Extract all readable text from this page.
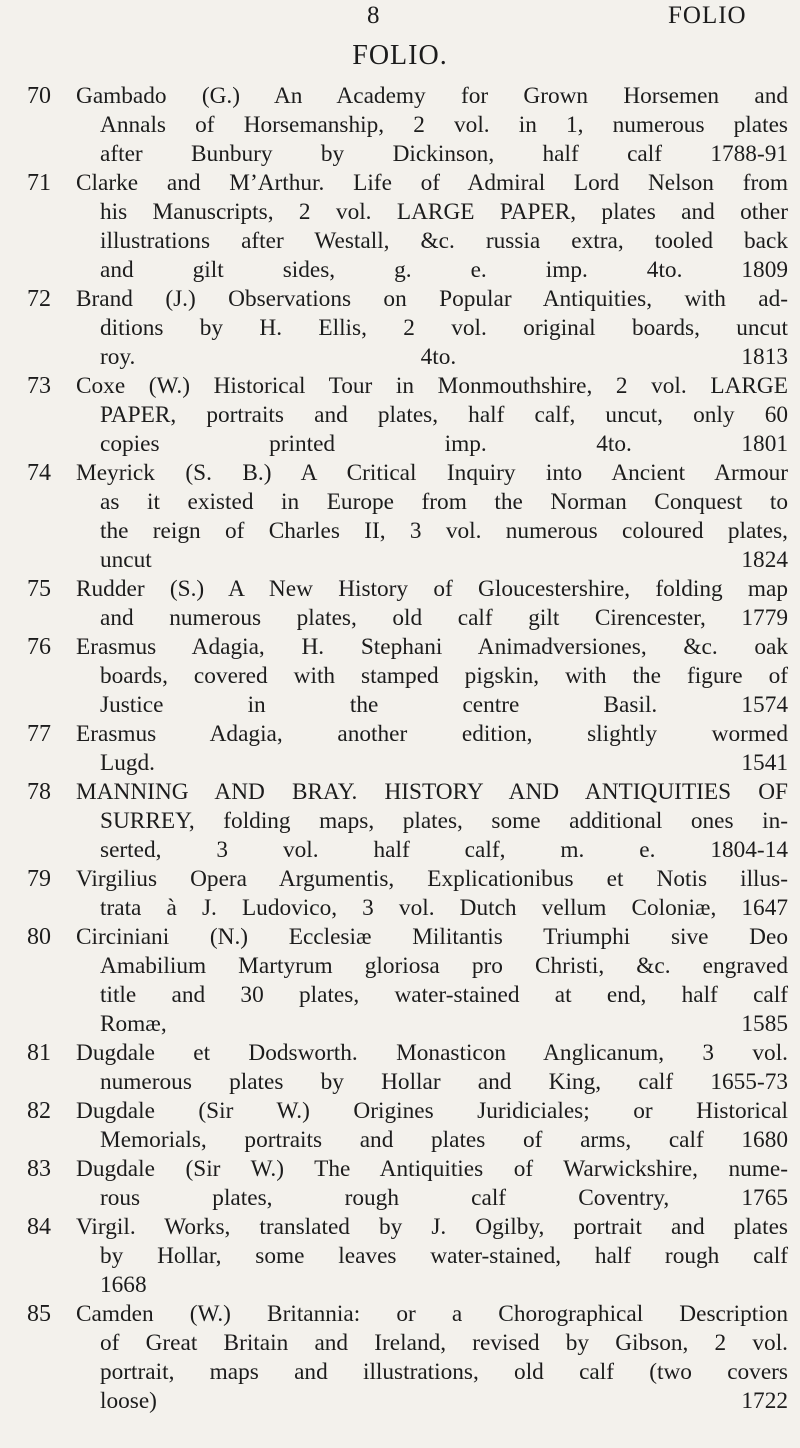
8	FOLIO
FOLIO.
70 Gambado (G.) An Academy for Grown Horsemen and
Annals of Horsemanship, 2 vol. in 1, numerous plates
after Bunbury by Dickinson, half calf 1788-91
71 Clarke and M’Arthur. Life of Admiral Lord Nelson from
his Manuscripts, 2 vol. LARGE PAPER, plates and other
illustrations after Westall, &c. russia extra, tooled back
and gilt sides, g. e. imp. 4to. 1809
72 Brand (J.) Observations on Popular Antiquities, with ad-
ditions by H. Ellis, 2 vol. original boards, uncut
roy. 4to. 1813
73 Coxe (W.) Historical Tour in Monmouthshire, 2 vol. LARGE
PAPER, portraits and plates, half calf, uncut, only 60
copies printed imp. 4to. 1801
74 Meyrick (S. B.) A Critical Inquiry into Ancient Armour
as it existed in Europe from the Norman Conquest to
the reign of Charles II, 3 vol. numerous coloured plates,
uncut 1824
75 Rudder (S.) A New History of Gloucestershire, folding map
and numerous plates, old calf gilt Cirencester, 1779
76 Erasmus Adagia, H. Stephani Animadversiones, &c. oak
boards, covered with stamped pigskin, with the figure of
Justice in the centre Basil. 1574
77 Erasmus Adagia, another edition, slightly wormed
Lugd. 1541
78 MANNING AND BRAY. HISTORY AND ANTIQUITIES OF
SURREY, folding maps, plates, some additional ones in-
serted, 3 vol. half calf, m. e. 1804-14
79 Virgilius Opera Argumentis, Explicationibus et Notis illus-
trata à J. Ludovico, 3 vol. Dutch vellum Coloniæ, 1647
80 Circiniani (N.) Ecclesiæ Militantis Triumphi sive Deo
Amabilium Martyrum gloriosa pro Christi, &c. engraved
title and 30 plates, water-stained at end, half calf
Romæ, 1585
81 Dugdale et Dodsworth. Monasticon Anglicanum, 3 vol.
numerous plates by Hollar and King, calf 1655-73
82 Dugdale (Sir W.) Origines Juridiciales; or Historical
Memorials, portraits and plates of arms, calf 1680
83 Dugdale (Sir W.) The Antiquities of Warwickshire, nume-
rous plates, rough calf Coventry, 1765
84 Virgil. Works, translated by J. Ogilby, portrait and plates
by Hollar, some leaves water-stained, half rough calf
1668
85 Camden (W.) Britannia: or a Chorographical Description
of Great Britain and Ireland, revised by Gibson, 2 vol.
portrait, maps and illustrations, old calf (two covers
loose) 1722
